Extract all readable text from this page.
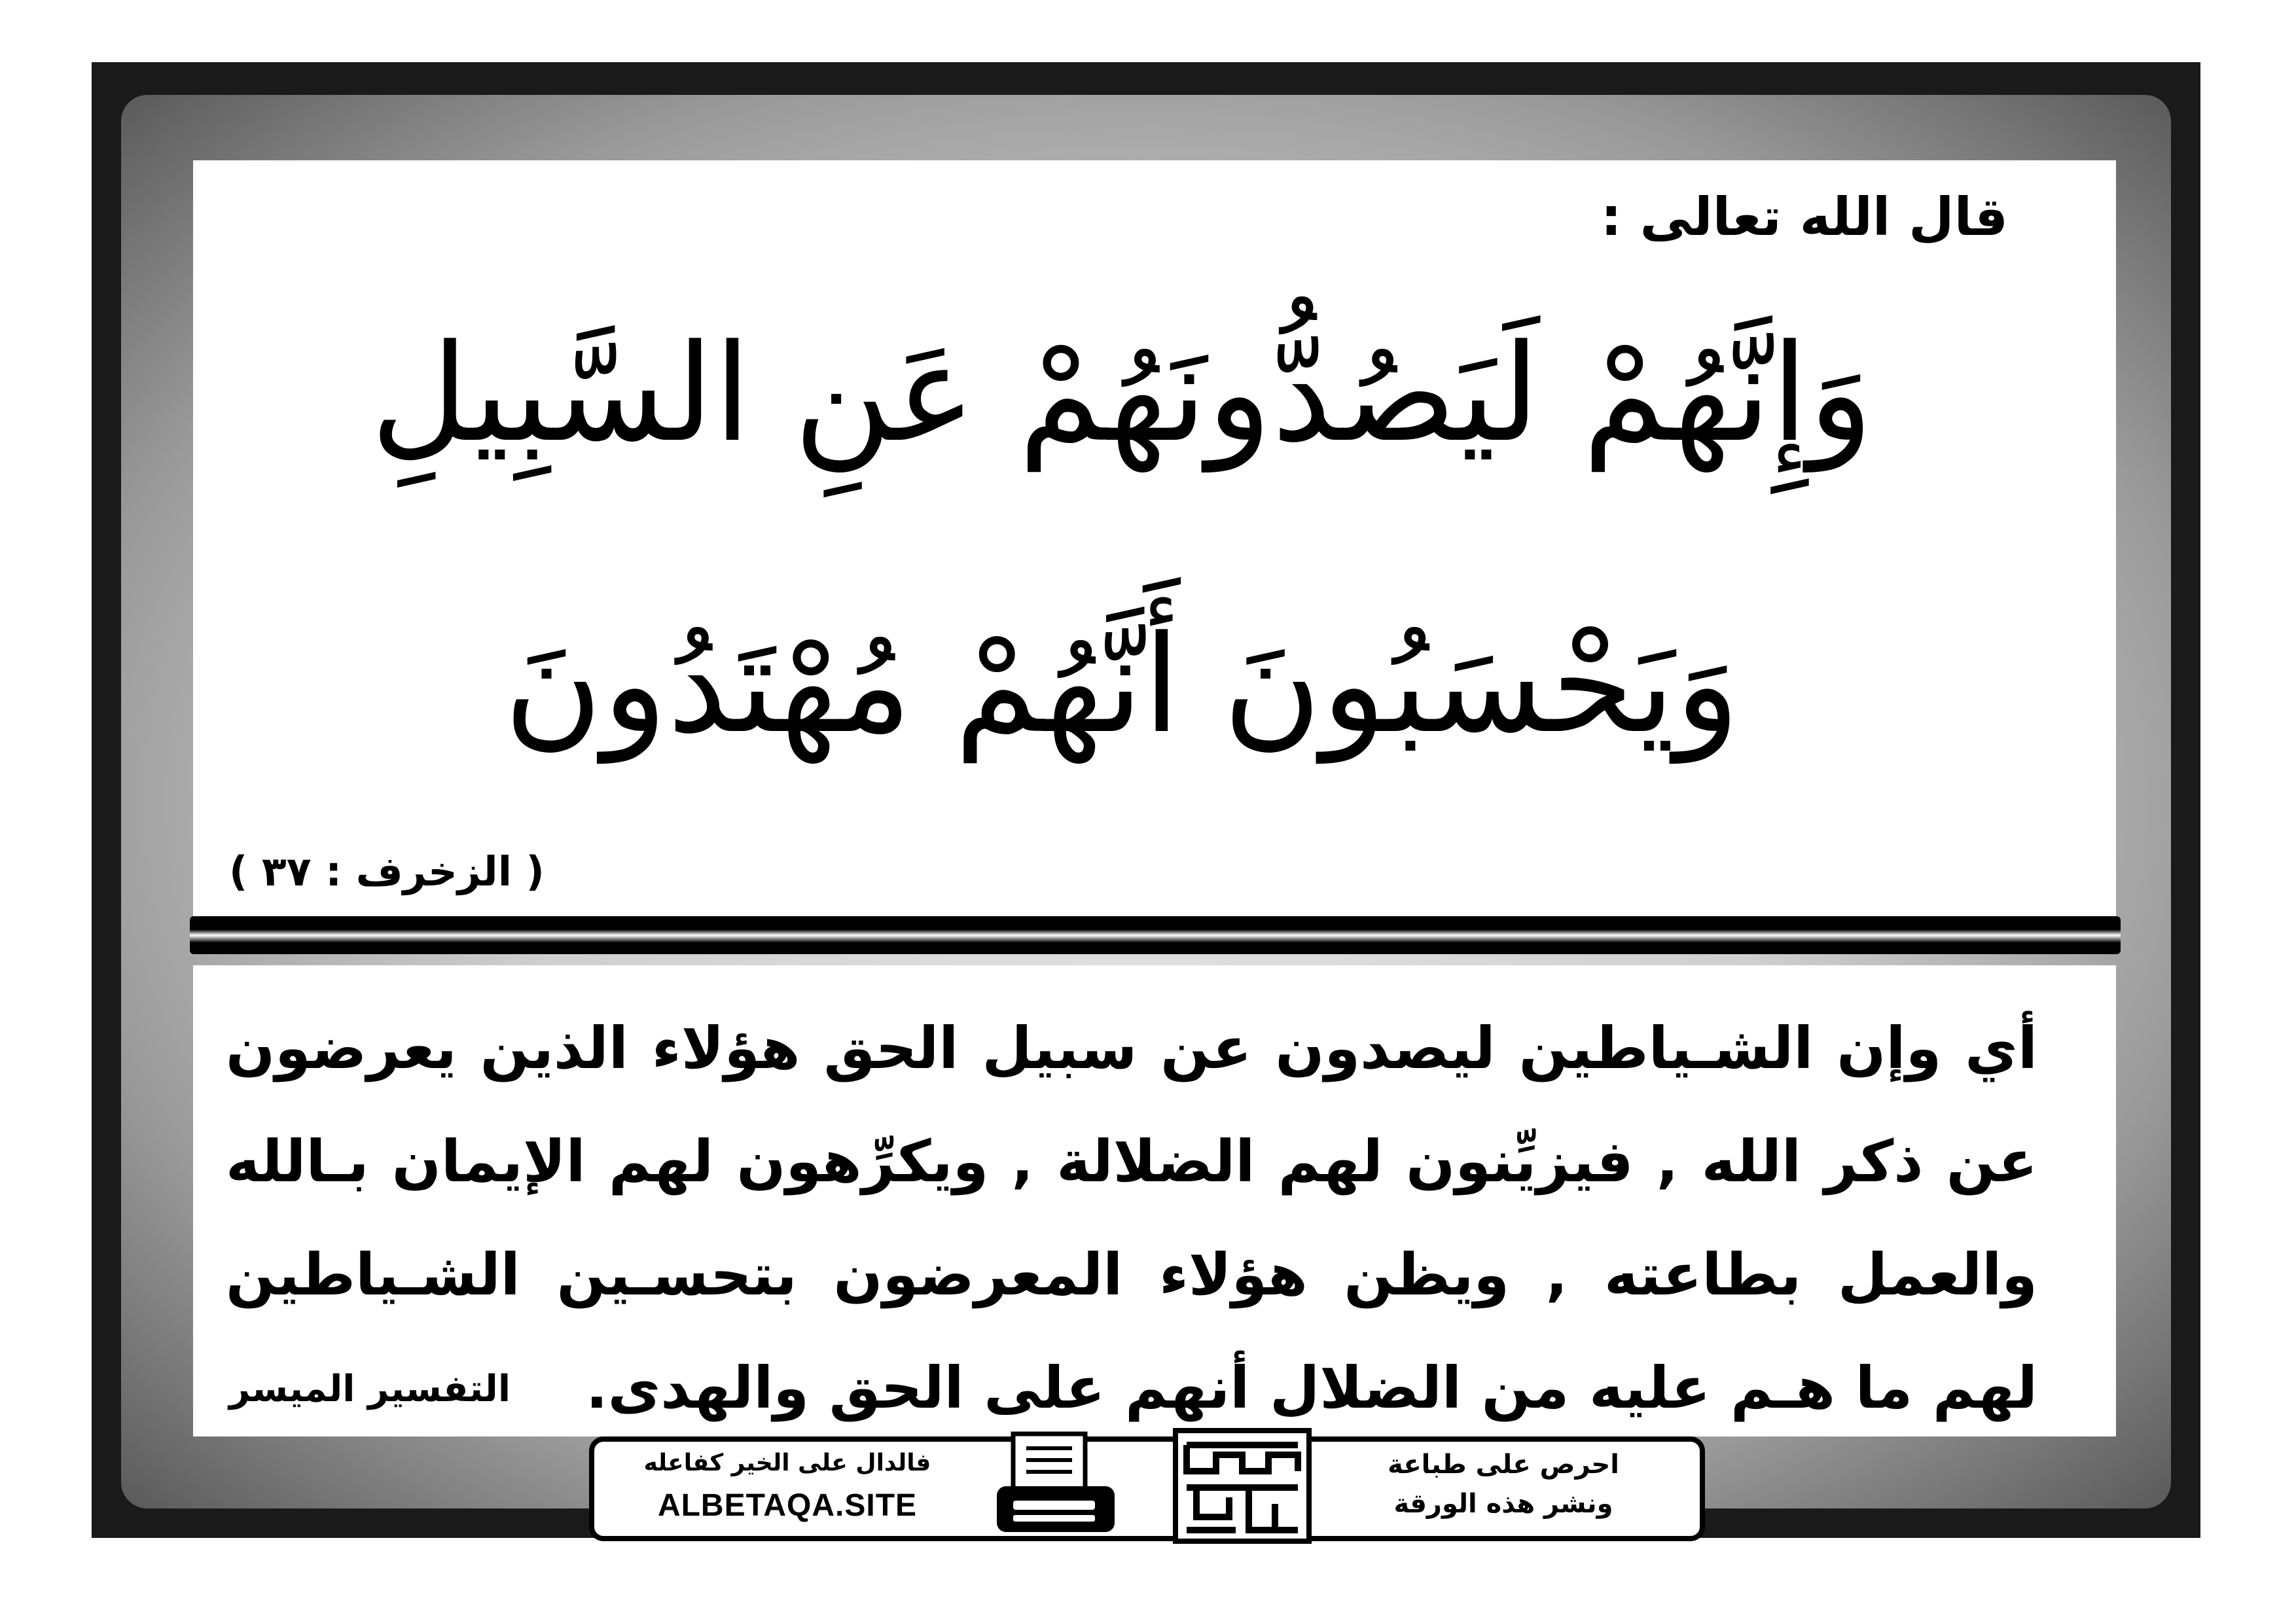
قال الله تعالى :
وَإِنَّهُمْ لَيَصُدُّونَهُمْ عَنِ السَّبِيلِ
وَيَحْسَبُونَ أَنَّهُمْ مُهْتَدُونَ
( الزخرف : ٣٧ )
أي وإن الشـياطين ليصدون عن سبيل الحق هؤلاء الذين يعرضون عن ذكر الله , فيزيِّنون لهم الضلالة , ويكرِّهون لهم الإيمان بـالله والعمل بطاعته , ويظن هؤلاء المعرضون بتحسـين الشـياطين لهم ما هـم عليه من الضلال أنهم على الحق والهدى.
التفسير الميسر
فالدال على الخير كفاعله
ALBETAQA.SITE
احرص على طباعة
ونشر هذه الورقة
